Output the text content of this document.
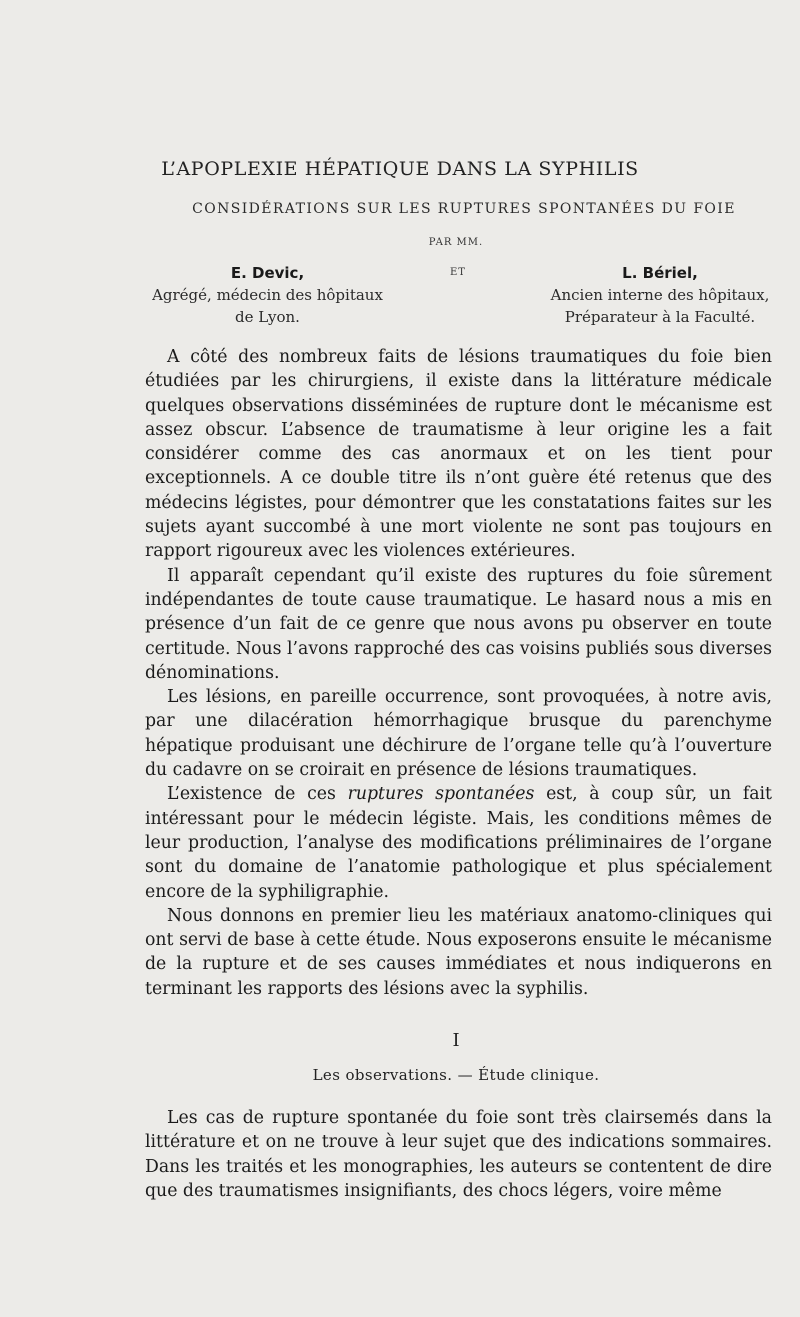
L’APOPLEXIE HÉPATIQUE DANS LA SYPHILIS
CONSIDÉRATIONS SUR LES RUPTURES SPONTANÉES DU FOIE
PAR MM.
E. Devic,
Agrégé, médecin des hôpitaux
de Lyon.
ET	L. Bériel,
Ancien interne des hôpitaux,
Préparateur à la Faculté.

A côté des nombreux faits de lésions traumatiques du foie bien étudiées par les chirurgiens, il existe dans la littérature médicale quelques observations disséminées de rupture dont le mécanisme est assez obscur. L’absence de traumatisme à leur origine les a fait considérer comme des cas anormaux et on les tient pour exceptionnels. A ce double titre ils n’ont guère été retenus que des médecins légistes, pour démontrer que les constatations faites sur les sujets ayant succombé à une mort violente ne sont pas toujours en rapport rigoureux avec les violences extérieures.

Il apparaît cependant qu’il existe des ruptures du foie sûrement indépendantes de toute cause traumatique. Le hasard nous a mis en présence d’un fait de ce genre que nous avons pu observer en toute certitude. Nous l’avons rapproché des cas voisins publiés sous diverses dénominations.

Les lésions, en pareille occurrence, sont provoquées, à notre avis, par une dilacération hémorrhagique brusque du parenchyme hépatique produisant une déchirure de l’organe telle qu’à l’ouverture du cadavre on se croirait en présence de lésions traumatiques.

L’existence de ces ruptures spontanées est, à coup sûr, un fait intéressant pour le médecin légiste. Mais, les conditions mêmes de leur production, l’analyse des modifications préliminaires de l’organe sont du domaine de l’anatomie pathologique et plus spécialement encore de la syphiligraphie.

Nous donnons en premier lieu les matériaux anatomo-cliniques qui ont servi de base à cette étude. Nous exposerons ensuite le mécanisme de la rupture et de ses causes immédiates et nous indiquerons en terminant les rapports des lésions avec la syphilis.

I
Les observations. — Étude clinique.

Les cas de rupture spontanée du foie sont très clairsemés dans la littérature et on ne trouve à leur sujet que des indications sommaires. Dans les traités et les monographies, les auteurs se contentent de dire que des traumatismes insignifiants, des chocs légers, voire même
